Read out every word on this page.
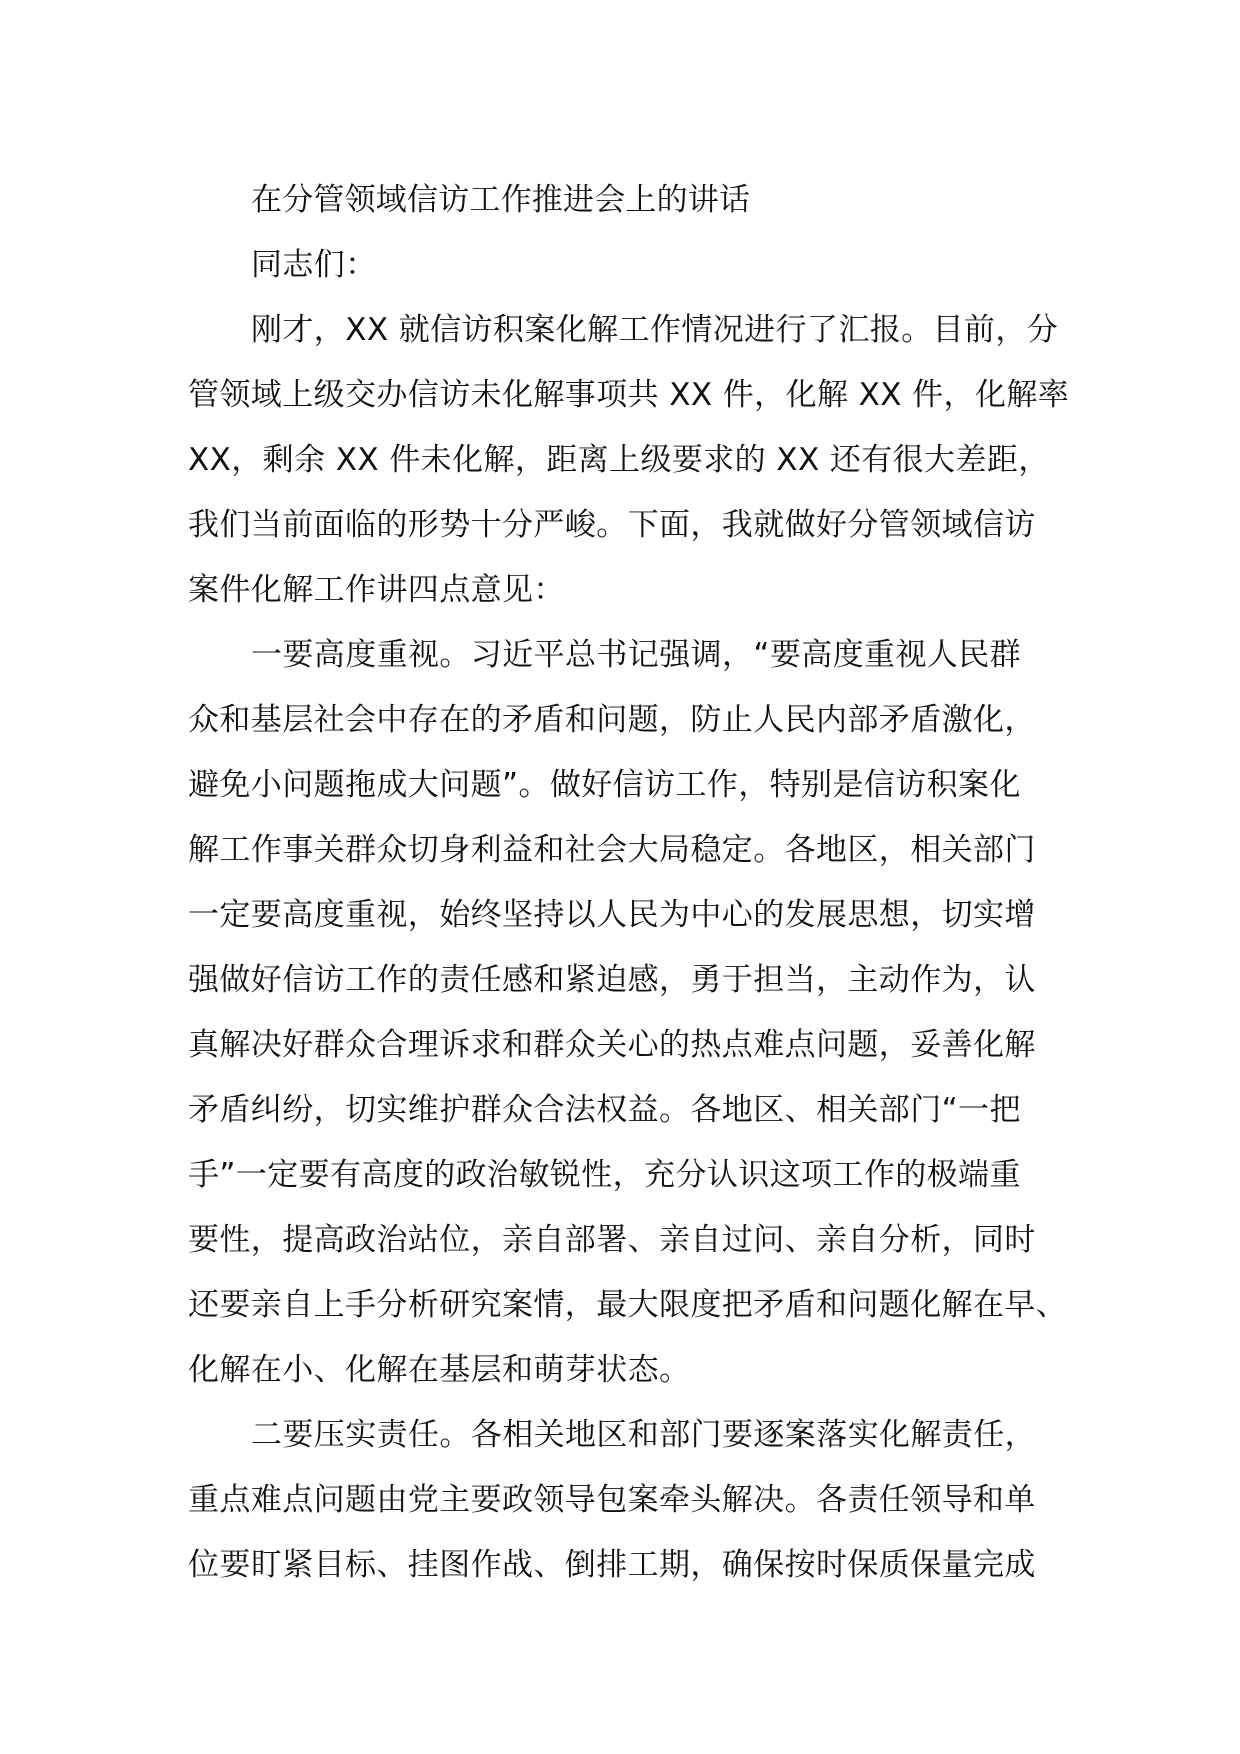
在分管领域信访工作推进会上的讲话
同志们：
刚才，XX 就信访积案化解工作情况进行了汇报。目前，分
管领域上级交办信访未化解事项共 XX 件，化解 XX 件，化解率
XX，剩余 XX 件未化解，距离上级要求的 XX 还有很大差距，
我们当前面临的形势十分严峻。下面，我就做好分管领域信访
案件化解工作讲四点意见：
一要高度重视。习近平总书记强调，“要高度重视人民群
众和基层社会中存在的矛盾和问题，防止人民内部矛盾激化，
避免小问题拖成大问题”。做好信访工作，特别是信访积案化
解工作事关群众切身利益和社会大局稳定。各地区，相关部门
一定要高度重视，始终坚持以人民为中心的发展思想，切实增
强做好信访工作的责任感和紧迫感，勇于担当，主动作为，认
真解决好群众合理诉求和群众关心的热点难点问题，妥善化解
矛盾纠纷，切实维护群众合法权益。各地区、相关部门“一把
手”一定要有高度的政治敏锐性，充分认识这项工作的极端重
要性，提高政治站位，亲自部署、亲自过问、亲自分析，同时
还要亲自上手分析研究案情，最大限度把矛盾和问题化解在早、
化解在小、化解在基层和萌芽状态。
二要压实责任。各相关地区和部门要逐案落实化解责任，
重点难点问题由党主要政领导包案牵头解决。各责任领导和单
位要盯紧目标、挂图作战、倒排工期，确保按时保质保量完成
